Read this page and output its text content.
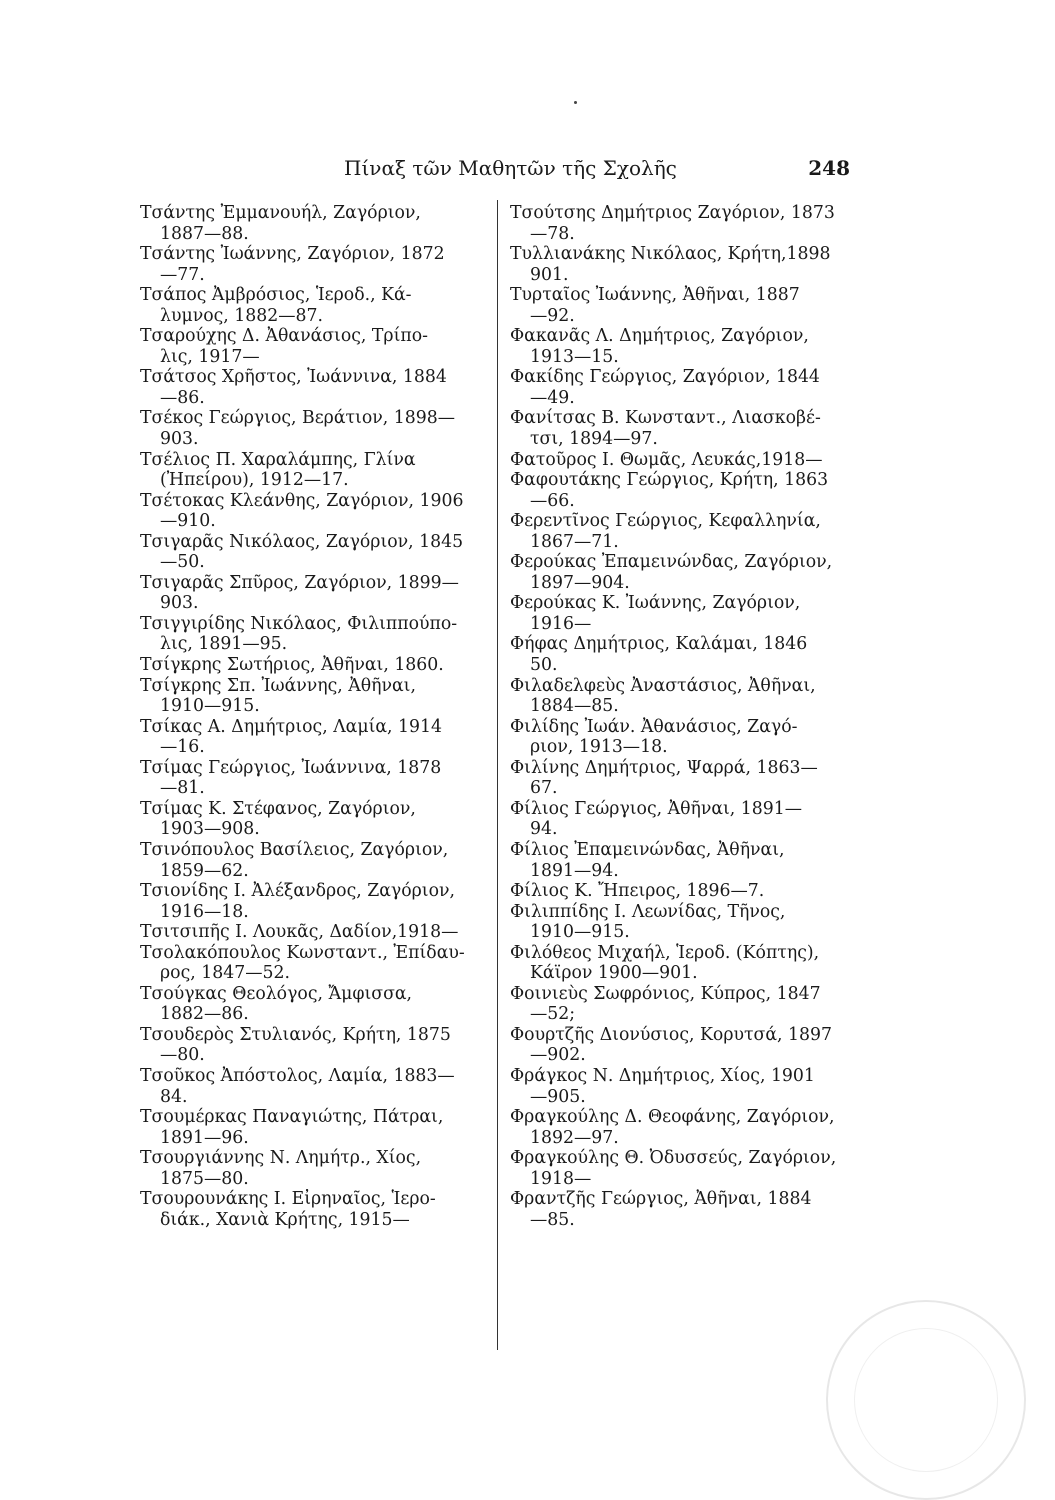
Πίναξ τῶν Μαθητῶν τῆς Σχολῆς	248
Τσάντης Ἐμμανουήλ, Ζαγόριον,
1887—88.
Τσάντης Ἰωάννης, Ζαγόριον, 1872
—77.
Τσάπος Ἀμβρόσιος, Ἱεροδ., Κά-
λυμνος, 1882—87.
Τσαρούχης Δ. Ἀθανάσιος, Τρίπο-
λις, 1917—
Τσάτσος Χρῆστος, Ἰωάννινα, 1884
—86.
Τσέκος Γεώργιος, Βεράτιον, 1898—
903.
Τσέλιος Π. Χαραλάμπης, Γλίνα
(Ἠπείρου), 1912—17.
Τσέτοκας Κλεάνθης, Ζαγόριον, 1906
—910.
Τσιγαρᾶς Νικόλαος, Ζαγόριον, 1845
—50.
Τσιγαρᾶς Σπῦρος, Ζαγόριον, 1899—
903.
Τσιγγιρίδης Νικόλαος, Φιλιππούπο-
λις, 1891—95.
Τσίγκρης Σωτήριος, Ἀθῆναι, 1860.
Τσίγκρης Σπ. Ἰωάννης, Ἀθῆναι,
1910—915.
Τσίκας Α. Δημήτριος, Λαμία, 1914
—16.
Τσίμας Γεώργιος, Ἰωάννινα, 1878
—81.
Τσίμας Κ. Στέφανος, Ζαγόριον,
1903—908.
Τσινόπουλος Βασίλειος, Ζαγόριον,
1859—62.
Τσιονίδης Ι. Ἀλέξανδρος, Ζαγόριον,
1916—18.
Τσιτσιπῆς Ι. Λουκᾶς, Δαδίον,1918—
Τσολακόπουλος Κωνσταντ., Ἐπίδαυ-
ρος, 1847—52.
Τσούγκας Θεολόγος, Ἄμφισσα,
1882—86.
Τσουδερὸς Στυλιανός, Κρήτη, 1875
—80.
Τσοῦκος Ἀπόστολος, Λαμία, 1883—
84.
Τσουμέρκας Παναγιώτης, Πάτραι,
1891—96.
Τσουργιάννης Ν. Λημήτρ., Χίος,
1875—80.
Τσουρουνάκης Ι. Εἰρηναῖος, Ἱερο-
διάκ., Χανιὰ Κρήτης, 1915—
Τσούτσης Δημήτριος Ζαγόριον, 1873
—78.
Τυλλιανάκης Νικόλαος, Κρήτη,1898
901.
Τυρταῖος Ἰωάννης, Ἀθῆναι, 1887
—92.
Φακανᾶς Λ. Δημήτριος, Ζαγόριον,
1913—15.
Φακίδης Γεώργιος, Ζαγόριον, 1844
—49.
Φανίτσας Β. Κωνσταντ., Λιασκοβέ-
τσι, 1894—97.
Φατοῦρος Ι. Θωμᾶς, Λευκάς,1918—
Φαφουτάκης Γεώργιος, Κρήτη, 1863
—66.
Φερεντῖνος Γεώργιος, Κεφαλληνία,
1867—71.
Φερούκας Ἐπαμεινώνδας, Ζαγόριον,
1897—904.
Φερούκας Κ. Ἰωάννης, Ζαγόριον,
1916—
Φήφας Δημήτριος, Καλάμαι, 1846
50.
Φιλαδελφεὺς Ἀναστάσιος, Ἀθῆναι,
1884—85.
Φιλίδης Ἰωάν. Ἀθανάσιος, Ζαγό-
ριον, 1913—18.
Φιλίνης Δημήτριος, Ψαρρά, 1863—
67.
Φίλιος Γεώργιος, Ἀθῆναι, 1891—
94.
Φίλιος Ἐπαμεινώνδας, Ἀθῆναι,
1891—94.
Φίλιος Κ. Ἤπειρος, 1896—7.
Φιλιππίδης Ι. Λεωνίδας, Τῆνος,
1910—915.
Φιλόθεος Μιχαήλ, Ἱεροδ. (Κόπτης),
Κάϊρον 1900—901.
Φοινιεὺς Σωφρόνιος, Κύπρος, 1847
—52;
Φουρτζῆς Διονύσιος, Κορυτσά, 1897
—902.
Φράγκος Ν. Δημήτριος, Χίος, 1901
—905.
Φραγκούλης Δ. Θεοφάνης, Ζαγόριον,
1892—97.
Φραγκούλης Θ. Ὀδυσσεύς, Ζαγόριον,
1918—
Φραντζῆς Γεώργιος, Ἀθῆναι, 1884
—85.
